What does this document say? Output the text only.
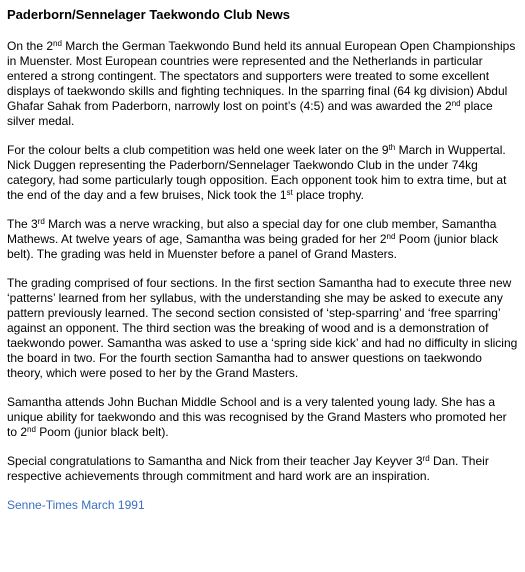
Paderborn/Sennelager Taekwondo Club News
On the 2nd March the German Taekwondo Bund held its annual European Open Championships in Muenster. Most European countries were represented and the Netherlands in particular entered a strong contingent. The spectators and supporters were treated to some excellent displays of taekwondo skills and fighting techniques. In the sparring final (64 kg division) Abdul Ghafar Sahak from Paderborn, narrowly lost on point’s (4:5) and was awarded the 2nd place silver medal.
For the colour belts a club competition was held one week later on the 9th March in Wuppertal. Nick Duggen representing the Paderborn/Sennelager Taekwondo Club in the under 74kg category, had some particularly tough opposition. Each opponent took him to extra time, but at the end of the day and a few bruises, Nick took the 1st place trophy.
The 3rd March was a nerve wracking, but also a special day for one club member, Samantha Mathews. At twelve years of age, Samantha was being graded for her 2nd Poom (junior black belt). The grading was held in Muenster before a panel of Grand Masters.
The grading comprised of four sections. In the first section Samantha had to execute three new ‘patterns’ learned from her syllabus, with the understanding she may be asked to execute any pattern previously learned. The second section consisted of ‘step-sparring’ and ‘free sparring’ against an opponent. The third section was the breaking of wood and is a demonstration of taekwondo power. Samantha was asked to use a ‘spring side kick’ and had no difficulty in slicing the board in two. For the fourth section Samantha had to answer questions on taekwondo theory, which were posed to her by the Grand Masters.
Samantha attends John Buchan Middle School and is a very talented young lady. She has a unique ability for taekwondo and this was recognised by the Grand Masters who promoted her to 2nd Poom (junior black belt).
Special congratulations to Samantha and Nick from their teacher Jay Keyver 3rd Dan. Their respective achievements through commitment and hard work are an inspiration.
Senne-Times March 1991
